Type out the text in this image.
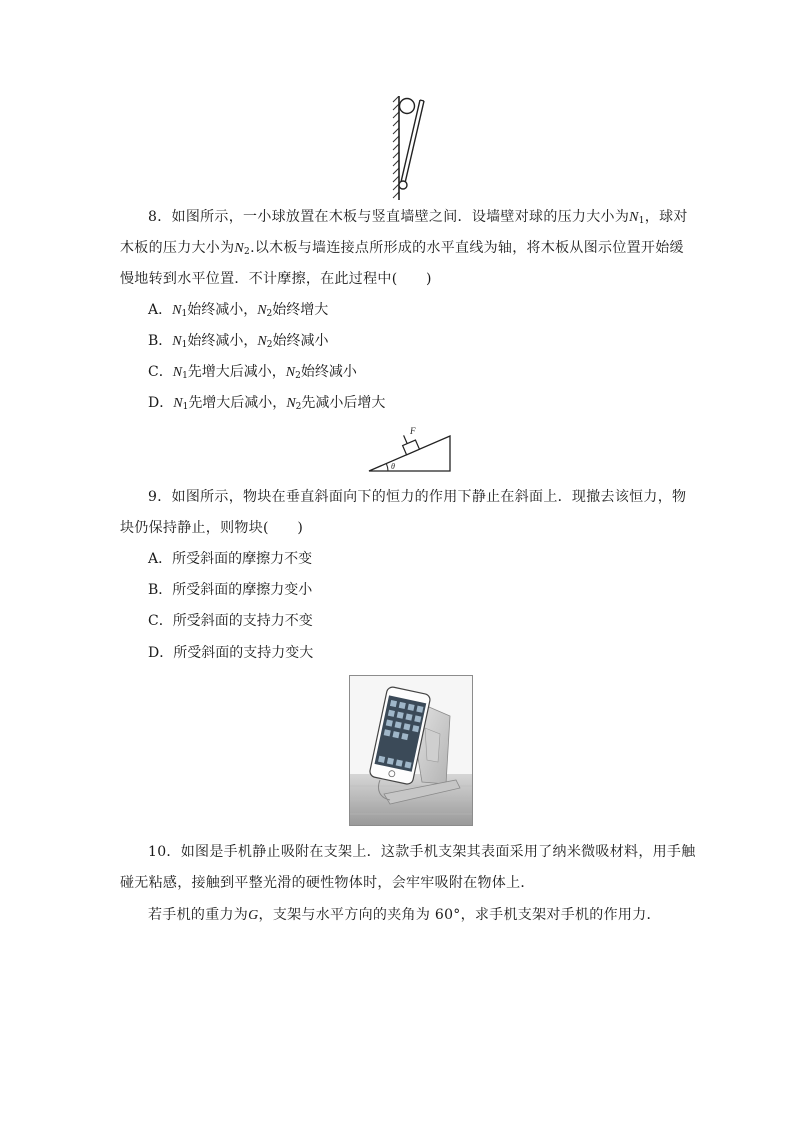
8．如图所示，一小球放置在木板与竖直墙壁之间．设墙壁对球的压力大小为$N_1$，球对
木板的压力大小为$N_2$.以木板与墙连接点所形成的水平直线为轴，将木板从图示位置开始缓
慢地转到水平位置．不计摩擦，在此过程中(　　)
A．$N_1$始终减小，$N_2$始终增大
B．$N_1$始终减小，$N_2$始终减小
C．$N_1$先增大后减小，$N_2$始终减小
D．$N_1$先增大后减小，$N_2$先减小后增大
F
θ
9．如图所示，物块在垂直斜面向下的恒力的作用下静止在斜面上．现撤去该恒力，物
块仍保持静止，则物块(　　)
A．所受斜面的摩擦力不变
B．所受斜面的摩擦力变小
C．所受斜面的支持力不变
D．所受斜面的支持力变大
10．如图是手机静止吸附在支架上．这款手机支架其表面采用了纳米微吸材料，用手触
碰无粘感，接触到平整光滑的硬性物体时，会牢牢吸附在物体上．
若手机的重力为G，支架与水平方向的夹角为 60°，求手机支架对手机的作用力．
